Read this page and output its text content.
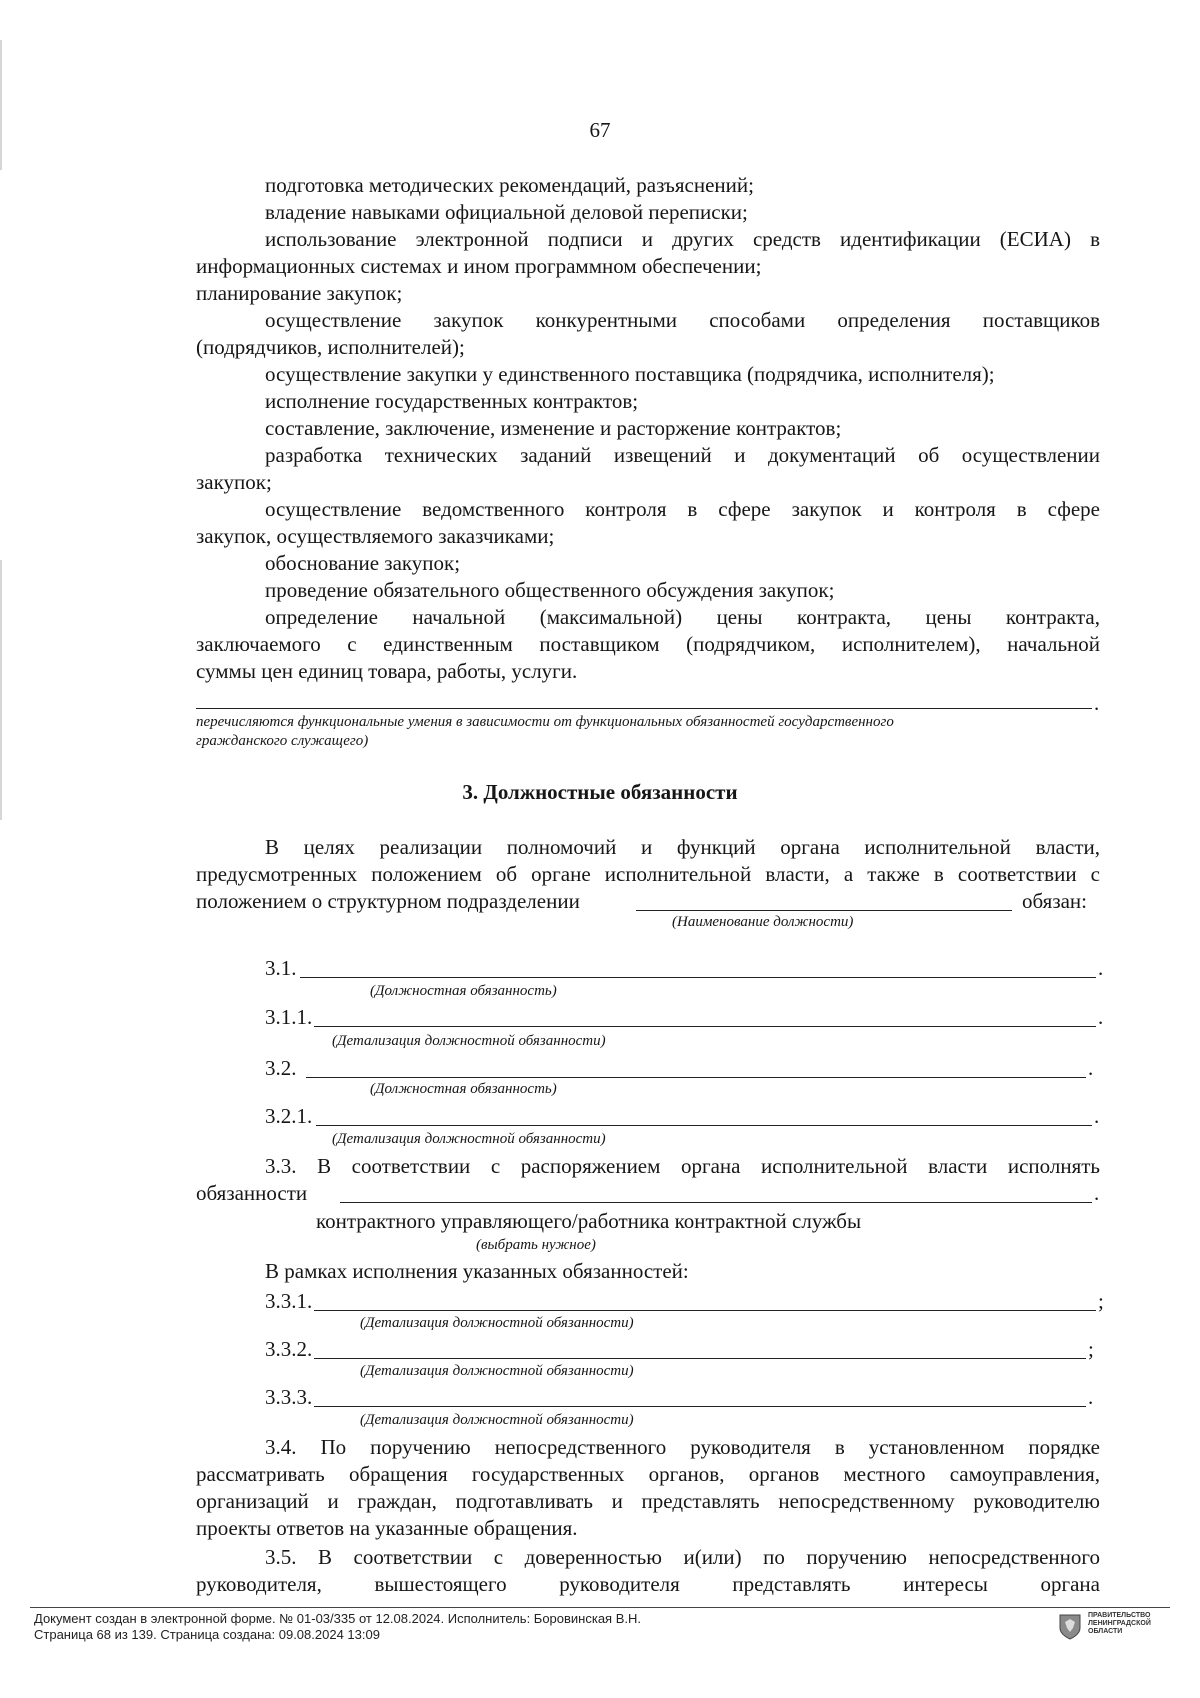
67
подготовка методических рекомендаций, разъяснений;
владение навыками официальной деловой переписки;
использование электронной подписи и других средств идентификации (ЕСИА) в
информационных системах и ином программном обеспечении;
планирование закупок;
осуществление закупок конкурентными способами определения поставщиков
(подрядчиков, исполнителей);
осуществление закупки у единственного поставщика (подрядчика, исполнителя);
исполнение государственных контрактов;
составление, заключение, изменение и расторжение контрактов;
разработка технических заданий извещений и документаций об осуществлении
закупок;
осуществление ведомственного контроля в сфере закупок и контроля в сфере
закупок, осуществляемого заказчиками;
обоснование закупок;
проведение обязательного общественного обсуждения закупок;
определение начальной (максимальной) цены контракта, цены контракта,
заключаемого с единственным поставщиком (подрядчиком, исполнителем), начальной
суммы цен единиц товара, работы, услуги.
.
перечисляются функциональные умения в зависимости от функциональных обязанностей государственного
гражданского служащего)
3. Должностные обязанности
В целях реализации полномочий и функций органа исполнительной власти,
предусмотренных положением об органе исполнительной власти, а также в соответствии с
положением о структурном подразделении	обязан:
(Наименование должности)
3.1.	.
(Должностная обязанность)
3.1.1.	.
(Детализация должностной обязанности)
3.2.	.
(Должностная обязанность)
3.2.1.	.
(Детализация должностной обязанности)
3.3. В соответствии с распоряжением органа исполнительной власти исполнять
обязанности	.
контрактного управляющего/работника контрактной службы
(выбрать нужное)
В рамках исполнения указанных обязанностей:
3.3.1.	;
(Детализация должностной обязанности)
3.3.2.	;
(Детализация должностной обязанности)
3.3.3.	.
(Детализация должностной обязанности)
3.4. По поручению непосредственного руководителя в установленном порядке
рассматривать обращения государственных органов, органов местного самоуправления,
организаций и граждан, подготавливать и представлять непосредственному руководителю
проекты ответов на указанные обращения.
3.5. В соответствии с доверенностью и(или) по поручению непосредственного
руководителя, вышестоящего руководителя представлять интересы органа
Документ создан в электронной форме. № 01-03/335 от 12.08.2024. Исполнитель: Боровинская В.Н.
Страница 68 из 139. Страница создана: 09.08.2024 13:09
ПРАВИТЕЛЬСТВО
ЛЕНИНГРАДСКОЙ
ОБЛАСТИ
